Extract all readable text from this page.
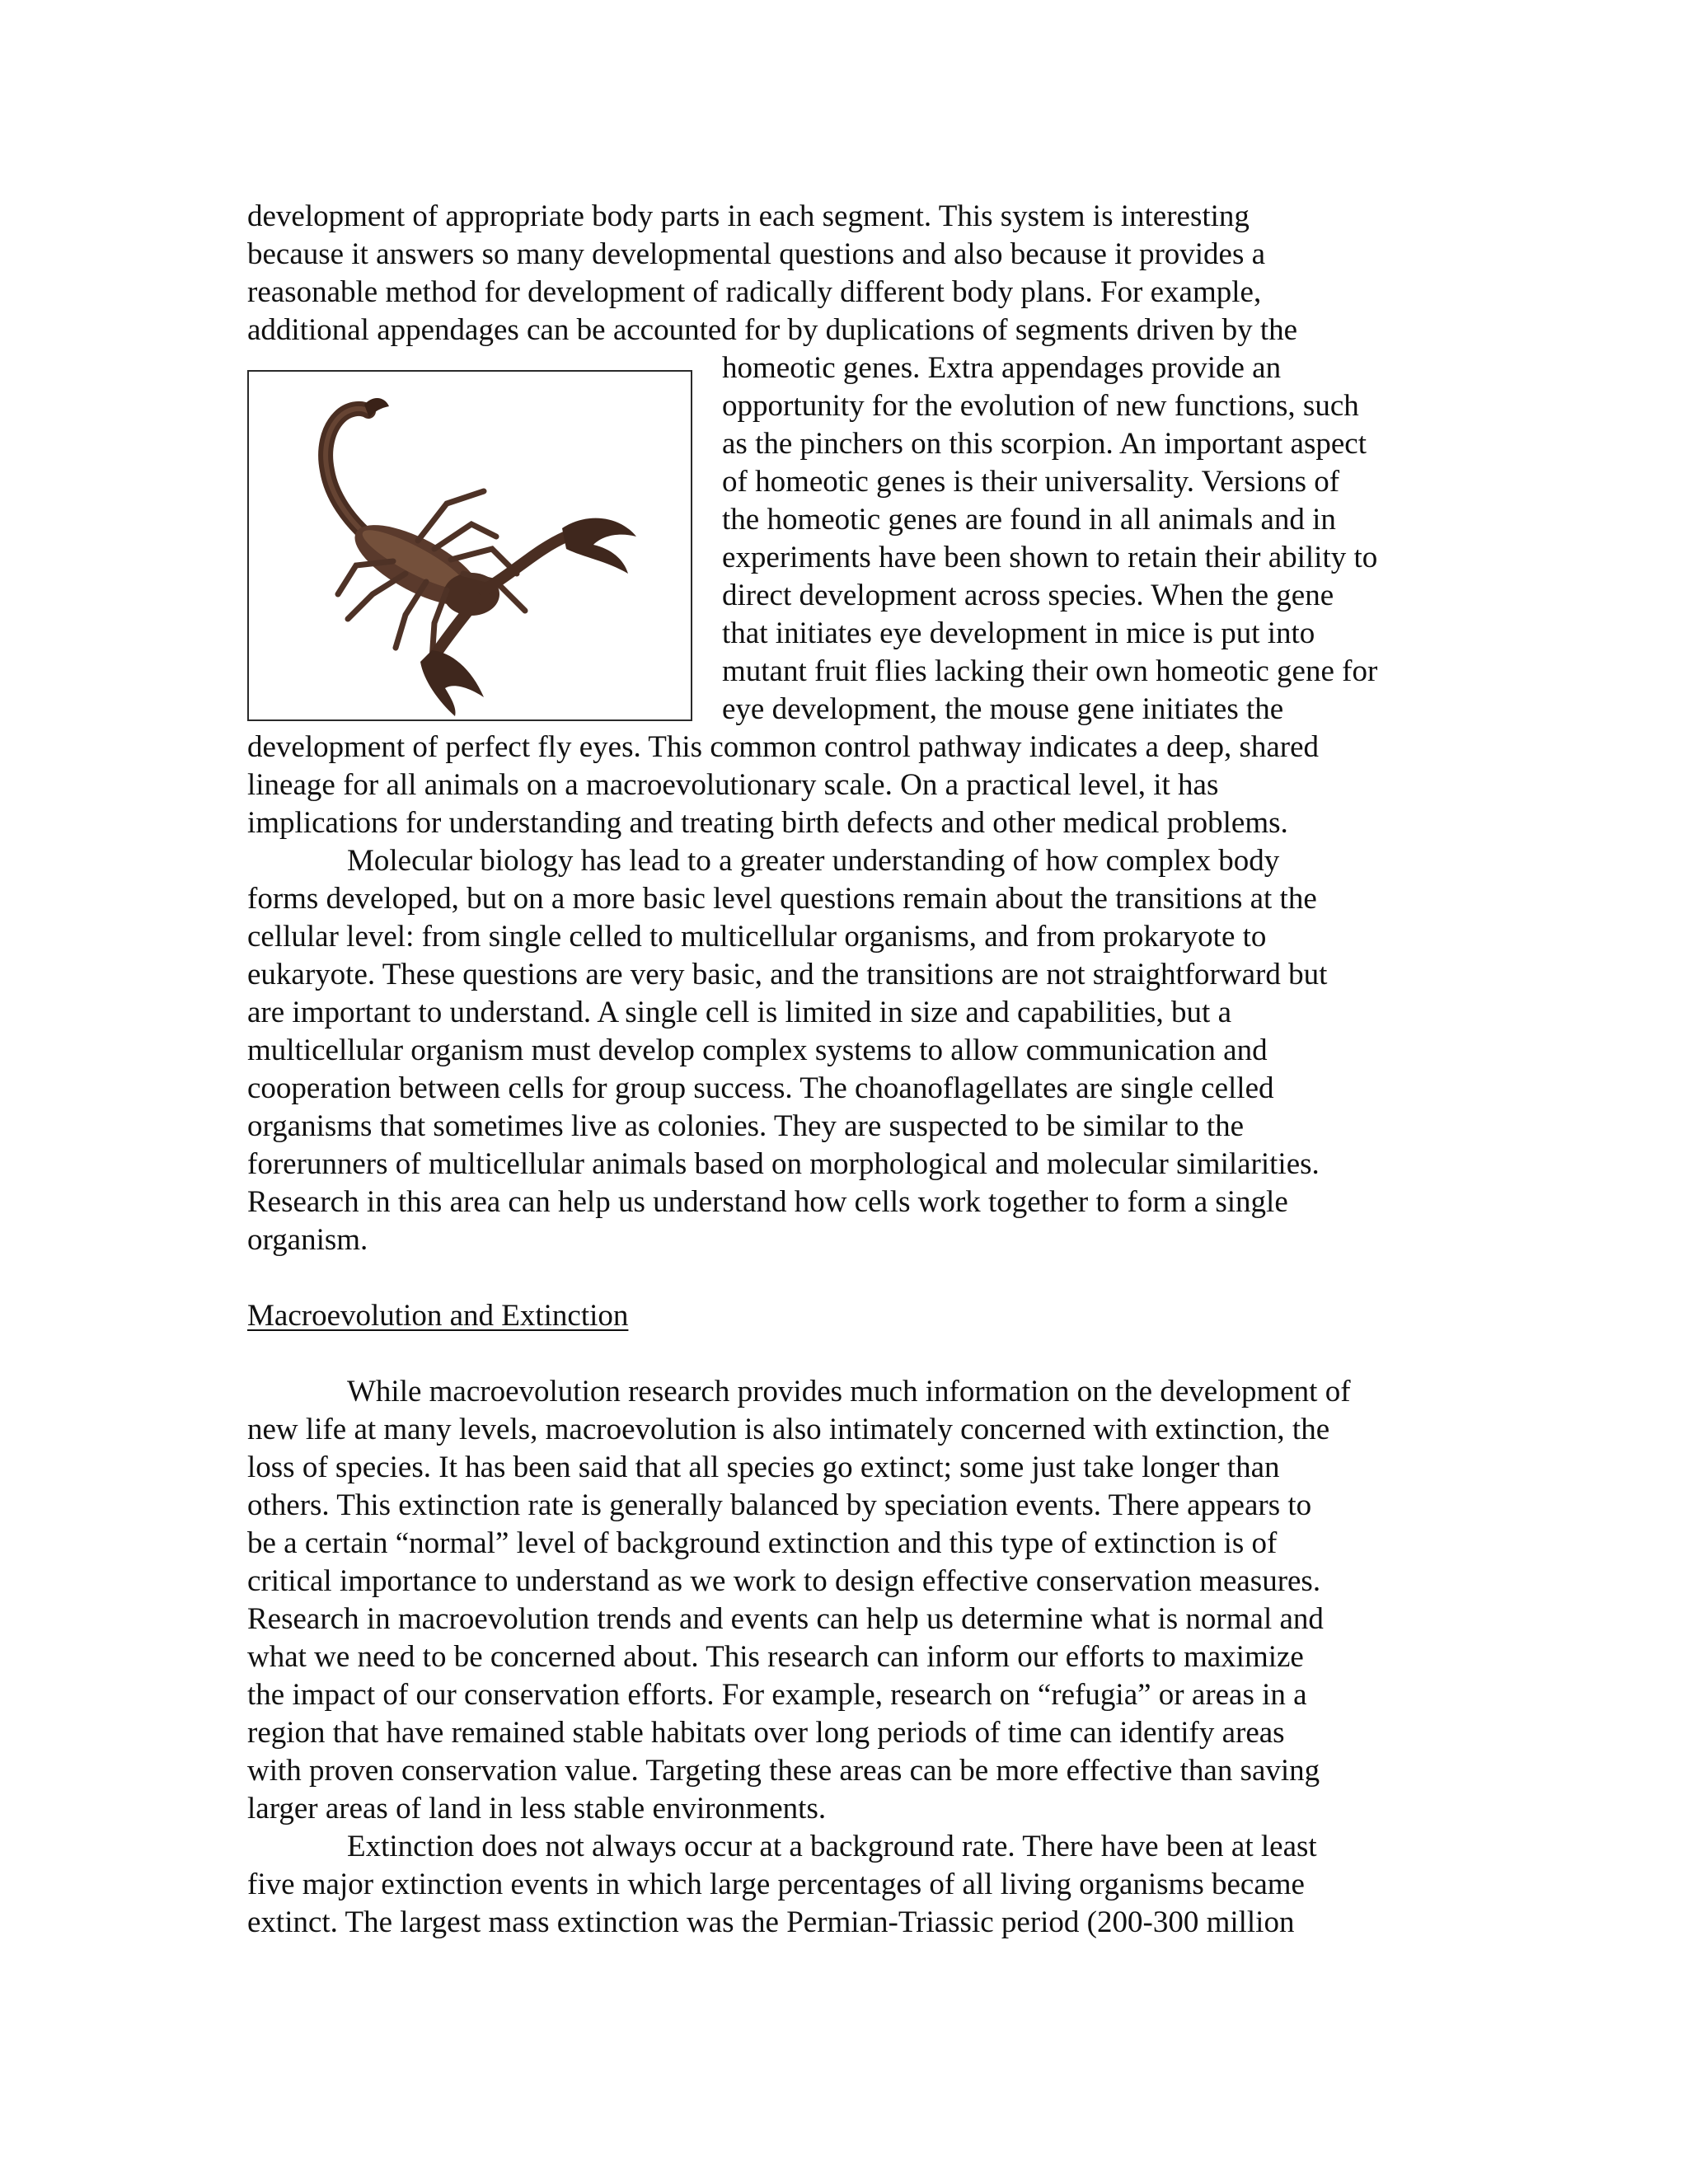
development of appropriate body parts in each segment. This system is interesting
because it answers so many developmental questions and also because it provides a
reasonable method for development of radically different body plans. For example,
additional appendages can be accounted for by duplications of segments driven by the
homeotic genes. Extra appendages provide an
opportunity for the evolution of new functions, such
as the pinchers on this scorpion. An important aspect
of homeotic genes is their universality. Versions of
the homeotic genes are found in all animals and in
experiments have been shown to retain their ability to
direct development across species. When the gene
that initiates eye development in mice is put into
mutant fruit flies lacking their own homeotic gene for
eye development, the mouse gene initiates the
development of perfect fly eyes. This common control pathway indicates a deep, shared
lineage for all animals on a macroevolutionary scale. On a practical level, it has
implications for understanding and treating birth defects and other medical problems.
Molecular biology has lead to a greater understanding of how complex body
forms developed, but on a more basic level questions remain about the transitions at the
cellular level: from single celled to multicellular organisms, and from prokaryote to
eukaryote. These questions are very basic, and the transitions are not straightforward but
are important to understand. A single cell is limited in size and capabilities, but a
multicellular organism must develop complex systems to allow communication and
cooperation between cells for group success. The choanoflagellates are single celled
organisms that sometimes live as colonies. They are suspected to be similar to the
forerunners of multicellular animals based on morphological and molecular similarities.
Research in this area can help us understand how cells work together to form a single
organism.
Macroevolution and Extinction
While macroevolution research provides much information on the development of
new life at many levels, macroevolution is also intimately concerned with extinction, the
loss of species. It has been said that all species go extinct; some just take longer than
others. This extinction rate is generally balanced by speciation events. There appears to
be a certain “normal” level of background extinction and this type of extinction is of
critical importance to understand as we work to design effective conservation measures.
Research in macroevolution trends and events can help us determine what is normal and
what we need to be concerned about. This research can inform our efforts to maximize
the impact of our conservation efforts. For example, research on “refugia” or areas in a
region that have remained stable habitats over long periods of time can identify areas
with proven conservation value. Targeting these areas can be more effective than saving
larger areas of land in less stable environments.
Extinction does not always occur at a background rate. There have been at least
five major extinction events in which large percentages of all living organisms became
extinct. The largest mass extinction was the Permian-Triassic period (200-300 million
